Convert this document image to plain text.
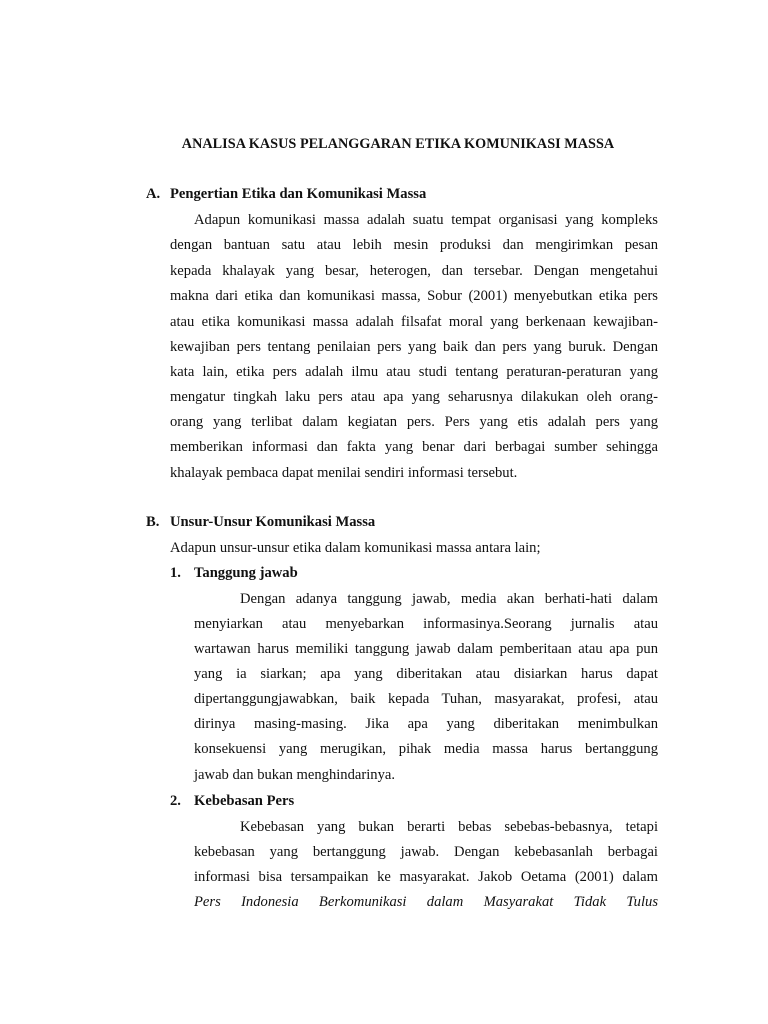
ANALISA KASUS PELANGGARAN ETIKA KOMUNIKASI MASSA
A. Pengertian Etika dan Komunikasi Massa
Adapun komunikasi massa adalah suatu tempat organisasi yang kompleks
dengan bantuan satu atau lebih mesin produksi dan mengirimkan pesan
kepada khalayak yang besar, heterogen, dan tersebar. Dengan mengetahui
makna dari etika dan komunikasi massa, Sobur (2001) menyebutkan etika pers
atau etika komunikasi massa adalah filsafat moral yang berkenaan kewajiban-
kewajiban pers tentang penilaian pers yang baik dan pers yang buruk. Dengan
kata lain, etika pers adalah ilmu atau studi tentang peraturan-peraturan yang
mengatur tingkah laku pers atau apa yang seharusnya dilakukan oleh orang-
orang yang terlibat dalam kegiatan pers. Pers yang etis adalah pers yang
memberikan informasi dan fakta yang benar dari berbagai sumber sehingga
khalayak pembaca dapat menilai sendiri informasi tersebut.
B. Unsur-Unsur Komunikasi Massa
Adapun unsur-unsur etika dalam komunikasi massa antara lain;
1. Tanggung jawab
Dengan adanya tanggung jawab, media akan berhati-hati dalam
menyiarkan atau menyebarkan informasinya.Seorang jurnalis atau
wartawan harus memiliki tanggung jawab dalam pemberitaan atau apa pun
yang ia siarkan; apa yang diberitakan atau disiarkan harus dapat
dipertanggungjawabkan, baik kepada Tuhan, masyarakat, profesi, atau
dirinya masing-masing. Jika apa yang diberitakan menimbulkan
konsekuensi yang merugikan, pihak media massa harus bertanggung
jawab dan bukan menghindarinya.
2. Kebebasan Pers
Kebebasan yang bukan berarti bebas sebebas-bebasnya, tetapi
kebebasan yang bertanggung jawab. Dengan kebebasanlah berbagai
informasi bisa tersampaikan ke masyarakat. Jakob Oetama (2001) dalam
Pers Indonesia Berkomunikasi dalam Masyarakat Tidak Tulus
